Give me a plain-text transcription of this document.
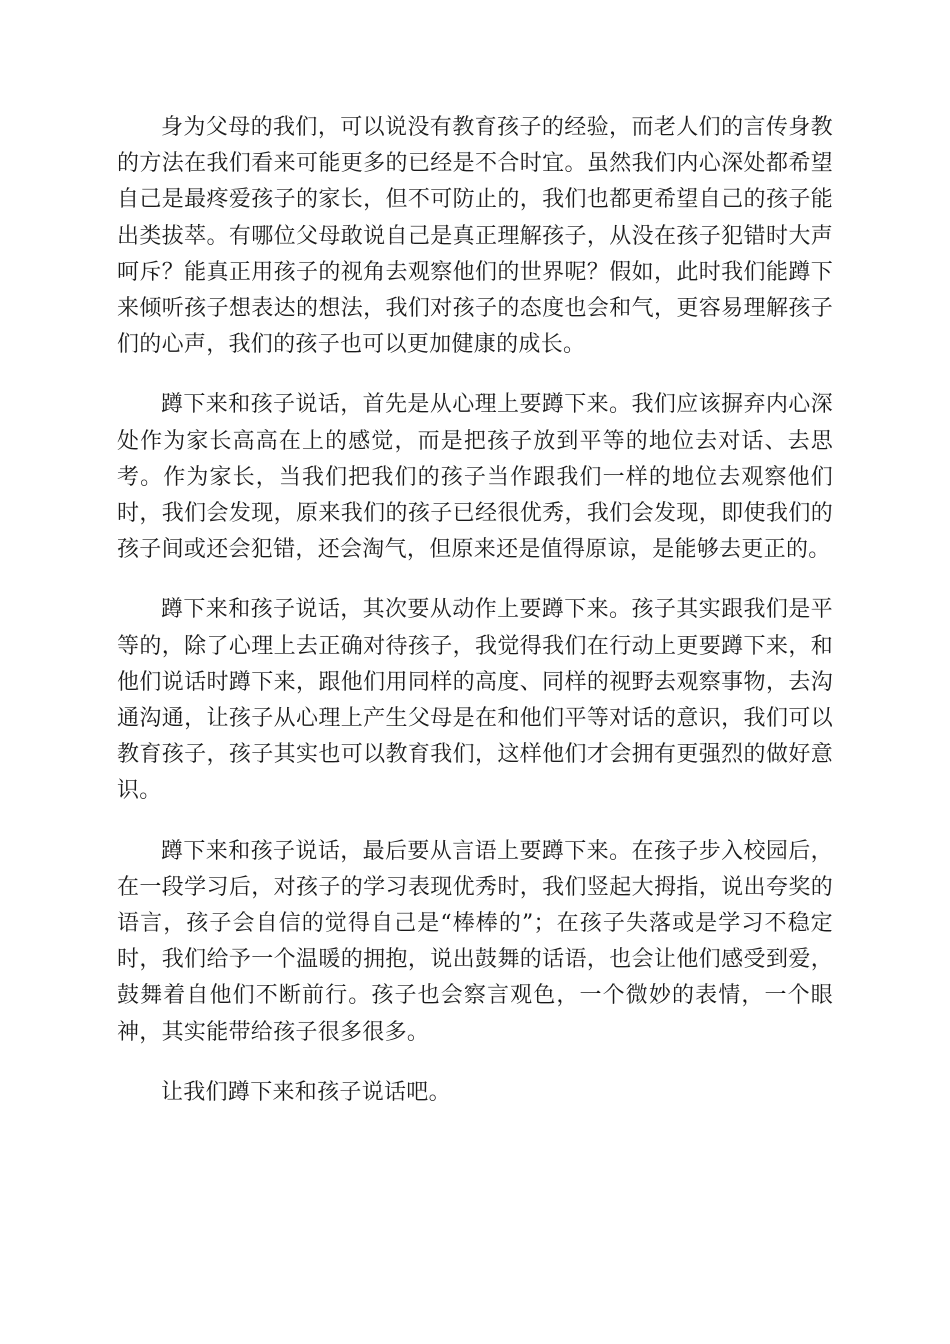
身为父母的我们，可以说没有教育孩子的经验，而老人们的言传身教的方法在我们看来可能更多的已经是不合时宜。虽然我们内心深处都希望自己是最疼爱孩子的家长，但不可防止的，我们也都更希望自己的孩子能出类拔萃。有哪位父母敢说自己是真正理解孩子，从没在孩子犯错时大声呵斥？能真正用孩子的视角去观察他们的世界呢？假如，此时我们能蹲下来倾听孩子想表达的想法，我们对孩子的态度也会和气，更容易理解孩子们的心声，我们的孩子也可以更加健康的成长。

蹲下来和孩子说话，首先是从心理上要蹲下来。我们应该摒弃内心深处作为家长高高在上的感觉，而是把孩子放到平等的地位去对话、去思考。作为家长，当我们把我们的孩子当作跟我们一样的地位去观察他们时，我们会发现，原来我们的孩子已经很优秀，我们会发现，即使我们的孩子间或还会犯错，还会淘气，但原来还是值得原谅，是能够去更正的。

蹲下来和孩子说话，其次要从动作上要蹲下来。孩子其实跟我们是平等的，除了心理上去正确对待孩子，我觉得我们在行动上更要蹲下来，和他们说话时蹲下来，跟他们用同样的高度、同样的视野去观察事物，去沟通沟通，让孩子从心理上产生父母是在和他们平等对话的意识，我们可以教育孩子，孩子其实也可以教育我们，这样他们才会拥有更强烈的做好意识。

蹲下来和孩子说话，最后要从言语上要蹲下来。在孩子步入校园后，在一段学习后，对孩子的学习表现优秀时，我们竖起大拇指，说出夸奖的语言，孩子会自信的觉得自己是“棒棒的”；在孩子失落或是学习不稳定时，我们给予一个温暖的拥抱，说出鼓舞的话语，也会让他们感受到爱，鼓舞着自他们不断前行。孩子也会察言观色，一个微妙的表情，一个眼神，其实能带给孩子很多很多。

让我们蹲下来和孩子说话吧。
